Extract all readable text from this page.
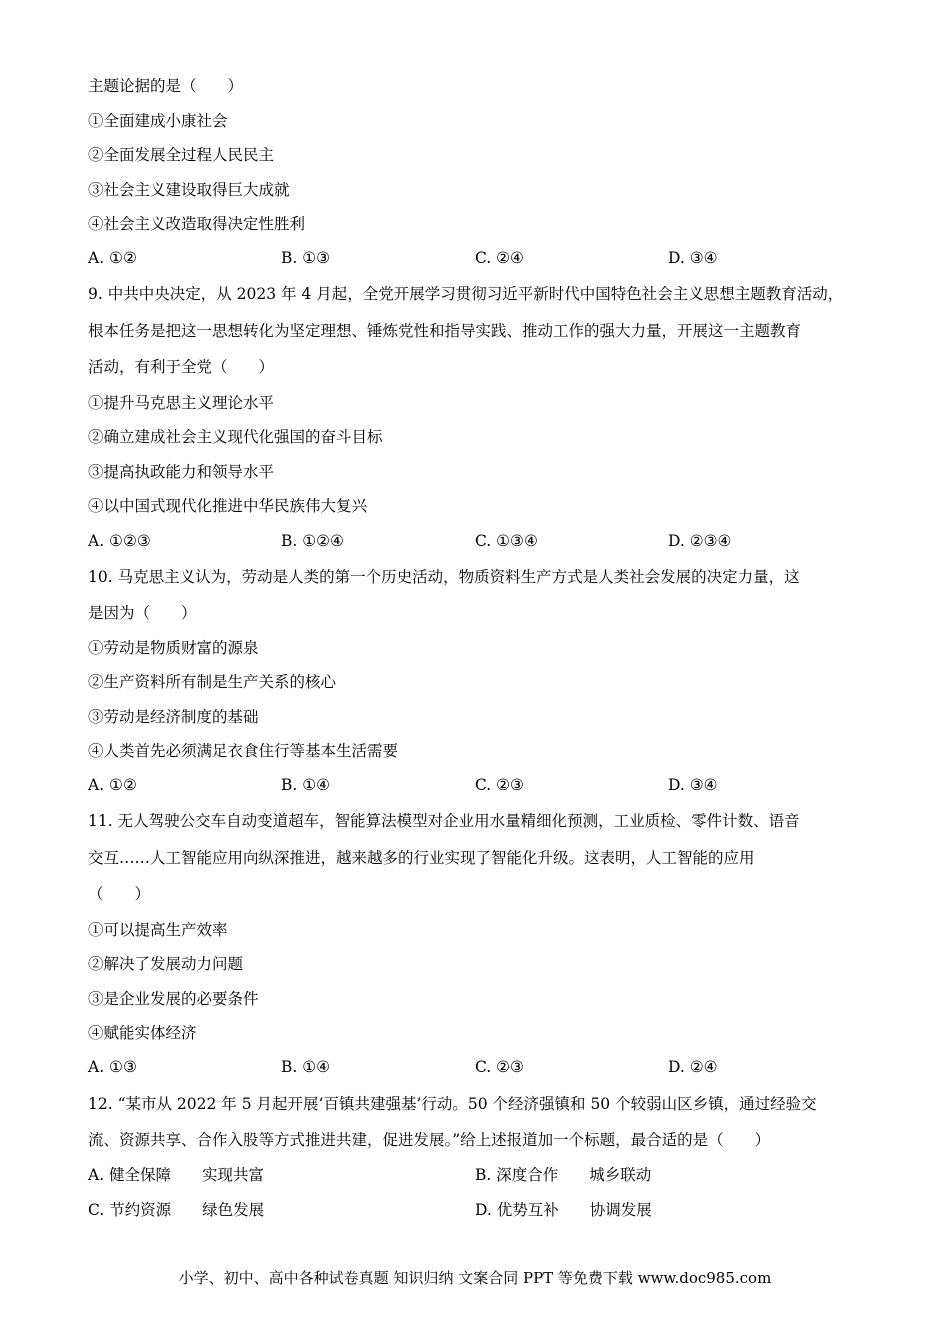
主题论据的是（　　）
①全面建成小康社会
②全面发展全过程人民民主
③社会主义建设取得巨大成就
④社会主义改造取得决定性胜利
A. ①②	B. ①③	C. ②④	D. ③④
9. 中共中央决定，从 2023 年 4 月起，全党开展学习贯彻习近平新时代中国特色社会主义思想主题教育活动，
根本任务是把这一思想转化为坚定理想、锤炼党性和指导实践、推动工作的强大力量，开展这一主题教育
活动，有利于全党（　　）
①提升马克思主义理论水平
②确立建成社会主义现代化强国的奋斗目标
③提高执政能力和领导水平
④以中国式现代化推进中华民族伟大复兴
A. ①②③	B. ①②④	C. ①③④	D. ②③④
10. 马克思主义认为，劳动是人类的第一个历史活动，物质资料生产方式是人类社会发展的决定力量，这
是因为（　　）
①劳动是物质财富的源泉
②生产资料所有制是生产关系的核心
③劳动是经济制度的基础
④人类首先必须满足衣食住行等基本生活需要
A. ①②	B. ①④	C. ②③	D. ③④
11. 无人驾驶公交车自动变道超车，智能算法模型对企业用水量精细化预测，工业质检、零件计数、语音
交互……人工智能应用向纵深推进，越来越多的行业实现了智能化升级。这表明，人工智能的应用
（　　）
①可以提高生产效率
②解决了发展动力问题
③是企业发展的必要条件
④赋能实体经济
A. ①③	B. ①④	C. ②③	D. ②④
12. “某市从 2022 年 5 月起开展‘百镇共建强基’行动。50 个经济强镇和 50 个较弱山区乡镇，通过经验交
流、资源共享、合作入股等方式推进共建，促进发展。”给上述报道加一个标题，最合适的是（　　）
A. 健全保障　　实现共富	B. 深度合作　　城乡联动
C. 节约资源　　绿色发展	D. 优势互补　　协调发展
小学、初中、高中各种试卷真题 知识归纳 文案合同 PPT 等免费下载 www.doc985.com
